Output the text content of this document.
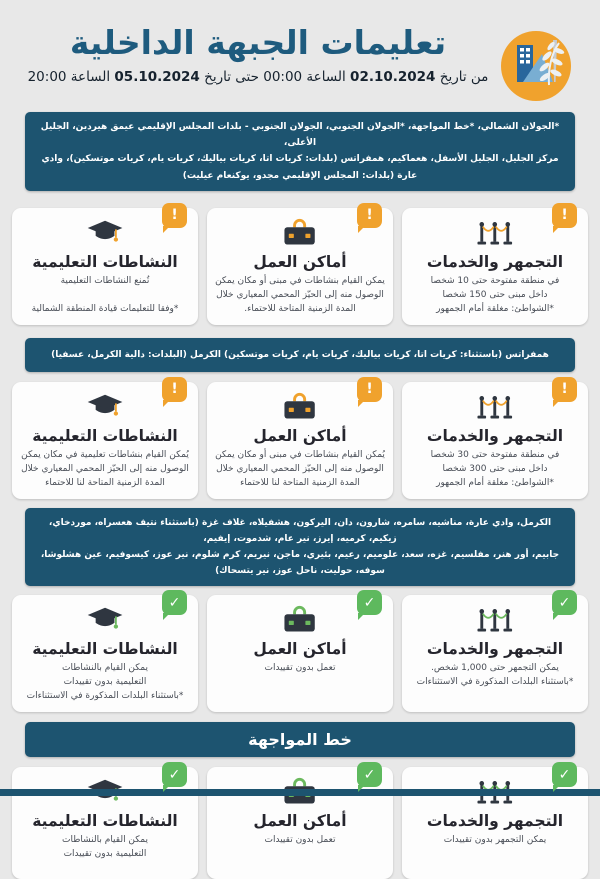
تعليمات الجبهة الداخلية
من تاريخ 02.10.2024 الساعة 00:00 حتى تاريخ 05.10.2024 الساعة 20:00
*الجولان الشمالي، *خط المواجهة، *الجولان الجنوبي، الجولان الجنوبي - بلدات المجلس الإقليمي عيمق هيردين، الجليل الأعلى،
مركز الجليل، الجليل الأسفل، هعماكيم، همفراتس (بلدات: كريات اتا، كريات بياليك، كريات يام، كريات موتسكين)، وادي عارة (بلدات: المجلس الإقليمي مجدو، يوكنعام عيليت)
!
التجمهر والخدمات

في منطقة مفتوحة حتى 10 شخصا

داخل مبنى حتى 150 شخصا

*الشواطئ: مغلقة أمام الجمهور

!
أماكن العمل

يمكن القيام بنشاطات في مبنى أو مكان يمكن الوصول منه إلى الحيّز المحمي المعياري خلال المدة الزمنية المتاحة للاحتماء.

!
النشاطات التعليمية

تُمنع النشاطات التعليمية

*وفقا للتعليمات قيادة المنطقة الشمالية

همفراتس (باستثناء: كريات اتا، كريات بياليك، كريات يام، كريات موتسكين) الكرمل (البلدات: دالية الكرمل، عسفيا)
!
التجمهر والخدمات

في منطقة مفتوحة حتى 30 شخصا

داخل مبنى حتى 300 شخصا

*الشواطئ: مغلقة أمام الجمهور

!
أماكن العمل

يُمكن القيام بنشاطات في مبنى أو مكان يمكن الوصول منه إلى الحيّز المحمي المعياري خلال المدة الزمنية المتاحة لنا للاحتماء

!
النشاطات التعليمية

يُمكن القيام بنشاطات تعليمية في مكان يمكن الوصول منه إلى الحيّز المحمي المعياري خلال المدة الزمنية المتاحة لنا للاحتماء

الكرمل، وادي عارة، مناشيه، سامره، شارون، دان، اليركون، هشفيلاه، غلاف غزة (باستثناء نتيف هعسراه، موردخاي، زيكيم، كرميه، إيرز، نير عام، شدموت، إيفيم،
جابيم، أور هنر، مفلسيم، غزه، سعد، علوميم، رعيم، بئيري، ماجن، نيريم، كرم شلوم، نير عوز، كيسوفيم، عين هشلوشا، سوفه، حوليت، ناحل عوز، نير يتسحاك)
✓
التجمهر والخدمات

يمكن التجمهر حتى 1,000 شخص.

*باستثناء البلدات المذكورة في الاستثناءات

✓
أماكن العمل

تعمل بدون تقييدات

✓
النشاطات التعليمية

يمكن القيام بالنشاطات

التعليمية بدون تقييدات

*باستثناء البلدات المذكورة في الاستثناءات

خط المواجهة
✓
التجمهر والخدمات

يمكن التجمهر بدون تقييدات

✓
أماكن العمل

تعمل بدون تقييدات

✓
النشاطات التعليمية

يمكن القيام بالنشاطات

التعليمية بدون تقييدات
